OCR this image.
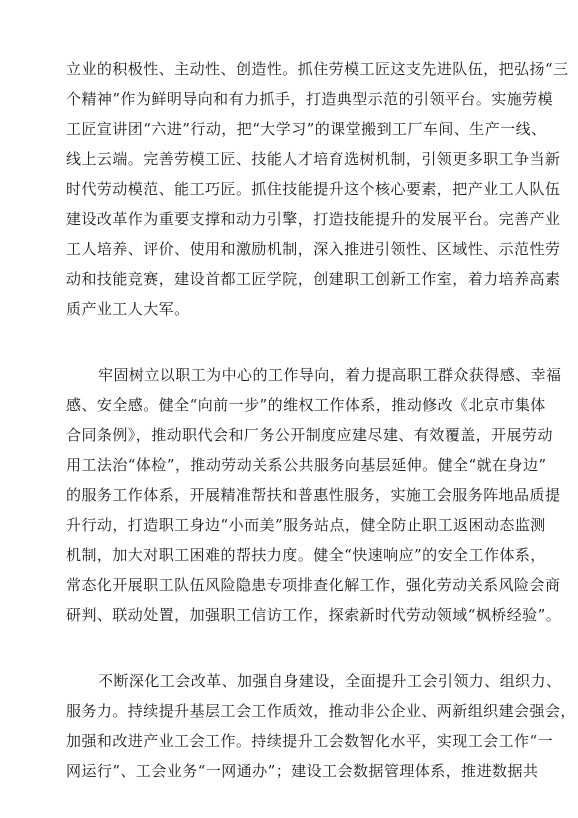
立业的积极性、主动性、创造性。抓住劳模工匠这支先进队伍，把弘扬“三
个精神”作为鲜明导向和有力抓手，打造典型示范的引领平台。实施劳模
工匠宣讲团“六进”行动，把“大学习”的课堂搬到工厂车间、生产一线、
线上云端。完善劳模工匠、技能人才培育选树机制，引领更多职工争当新
时代劳动模范、能工巧匠。抓住技能提升这个核心要素，把产业工人队伍
建设改革作为重要支撑和动力引擎，打造技能提升的发展平台。完善产业
工人培养、评价、使用和激励机制，深入推进引领性、区域性、示范性劳
动和技能竞赛，建设首都工匠学院，创建职工创新工作室，着力培养高素
质产业工人大军。
牢固树立以职工为中心的工作导向，着力提高职工群众获得感、幸福
感、安全感。健全“向前一步”的维权工作体系，推动修改《北京市集体
合同条例》，推动职代会和厂务公开制度应建尽建、有效覆盖，开展劳动
用工法治“体检”，推动劳动关系公共服务向基层延伸。健全“就在身边”
的服务工作体系，开展精准帮扶和普惠性服务，实施工会服务阵地品质提
升行动，打造职工身边“小而美”服务站点，健全防止职工返困动态监测
机制，加大对职工困难的帮扶力度。健全“快速响应”的安全工作体系，
常态化开展职工队伍风险隐患专项排查化解工作，强化劳动关系风险会商
研判、联动处置，加强职工信访工作，探索新时代劳动领域“枫桥经验”。
不断深化工会改革、加强自身建设，全面提升工会引领力、组织力、
服务力。持续提升基层工会工作质效，推动非公企业、两新组织建会强会，
加强和改进产业工会工作。持续提升工会数智化水平，实现工会工作“一
网运行”、工会业务“一网通办”；建设工会数据管理体系，推进数据共
